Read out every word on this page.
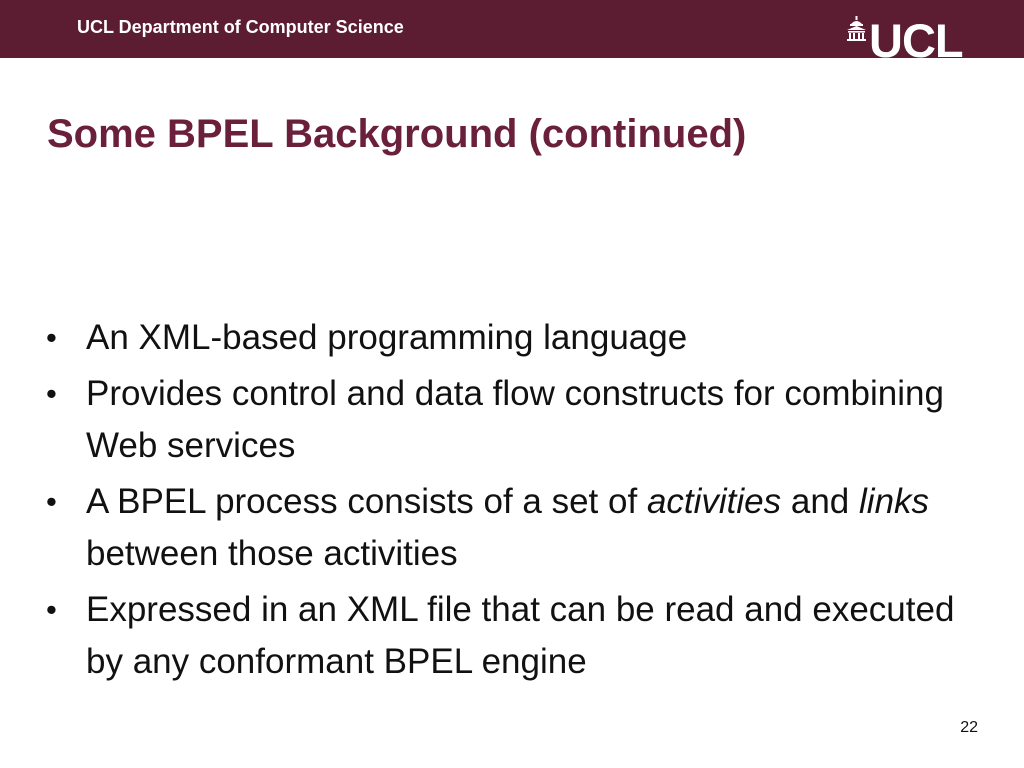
UCL Department of Computer Science	UCL
Some BPEL Background (continued)
• An XML-based programming language
• Provides control and data flow constructs for combining Web services
• A BPEL process consists of a set of activities and links between those activities
• Expressed in an XML file that can be read and executed by any conformant BPEL engine
22
